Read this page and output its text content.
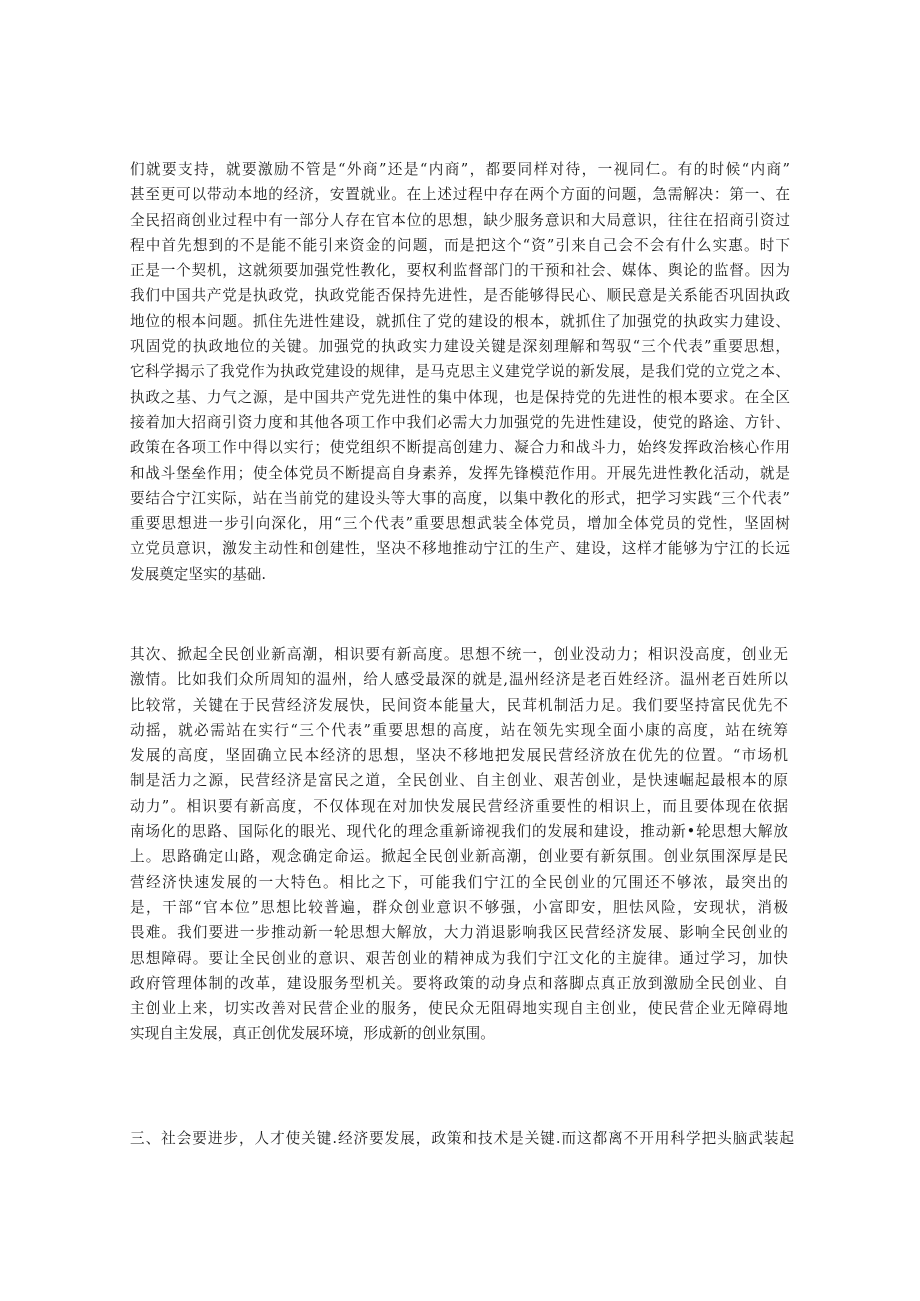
们就要支持，就要激励不管是“外商”还是“内商”，都要同样对待，一视同仁。有的时候“内商”
甚至更可以带动本地的经济，安置就业。在上述过程中存在两个方面的问题，急需解决：第一、在
全民招商创业过程中有一部分人存在官本位的思想，缺少服务意识和大局意识，往往在招商引资过
程中首先想到的不是能不能引来资金的问题，而是把这个“资”引来自己会不会有什么实惠。时下
正是一个契机，这就须要加强党性教化，要权利监督部门的干预和社会、媒体、舆论的监督。因为
我们中国共产党是执政党，执政党能否保持先进性，是否能够得民心、顺民意是关系能否巩固执政
地位的根本问题。抓住先进性建设，就抓住了党的建设的根本，就抓住了加强党的执政实力建设、
巩固党的执政地位的关键。加强党的执政实力建设关键是深刻理解和驾驭“三个代表”重要思想，
它科学揭示了我党作为执政党建设的规律，是马克思主义建党学说的新发展，是我们党的立党之本、
执政之基、力气之源，是中国共产党先进性的集中体现，也是保持党的先进性的根本要求。在全区
接着加大招商引资力度和其他各项工作中我们必需大力加强党的先进性建设，使党的路途、方针、
政策在各项工作中得以实行；使党组织不断提高创建力、凝合力和战斗力，始终发挥政治核心作用
和战斗堡垒作用；使全体党员不断提高自身素养，发挥先锋模范作用。开展先进性教化活动，就是
要结合宁江实际，站在当前党的建设头等大事的高度，以集中教化的形式，把学习实践“三个代表”
重要思想进一步引向深化，用“三个代表”重要思想武装全体党员，增加全体党员的党性，坚固树
立党员意识，激发主动性和创建性，坚决不移地推动宁江的生产、建设，这样才能够为宁江的长远
发展奠定坚实的基础.
其次、掀起全民创业新高潮，相识要有新高度。思想不统一，创业没动力；相识没高度，创业无
激情。比如我们众所周知的温州，给人感受最深的就是,温州经济是老百姓经济。温州老百姓所以
比较常，关键在于民营经济发展快，民间资本能量大，民茸机制活力足。我们要坚持富民优先不
动摇，就必需站在实行“三个代表”重要思想的高度，站在领先实现全面小康的高度，站在统筹
发展的高度，坚固确立民本经济的思想，坚决不移地把发展民营经济放在优先的位置。“市场机
制是活力之源，民营经济是富民之道，全民创业、自主创业、艰苦创业，是快速崛起最根本的原
动力”。相识要有新高度，不仅体现在对加快发展民营经济重要性的相识上，而且要体现在依据
南场化的思路、国际化的眼光、现代化的理念重新谛视我们的发展和建设，推动新•轮思想大解放
上。思路确定山路，观念确定命运。掀起全民创业新高潮，创业要有新氛围。创业氛围深厚是民
营经济快速发展的一大特色。相比之下，可能我们宁江的全民创业的冗围还不够浓，最突出的
是，干部“官本位”思想比较普遍，群众创业意识不够强，小富即安，胆怯风险，安现状，消极
畏难。我们要进一步推动新一轮思想大解放，大力消退影响我区民营经济发展、影响全民创业的
思想障碍。要让全民创业的意识、艰苦创业的精神成为我们宁江文化的主旋律。通过学习，加快
政府管理体制的改革，建设服务型机关。要将政策的动身点和落脚点真正放到激励全民创业、自
主创业上来，切实改善对民营企业的服务，使民众无阻碍地实现自主创业，使民营企业无障碍地
实现自主发展，真正创优发展环境，形成新的创业氛围。
三、社会要进步，人才使关键.经济要发展，政策和技术是关键.而这都离不开用科学把头脑武装起
